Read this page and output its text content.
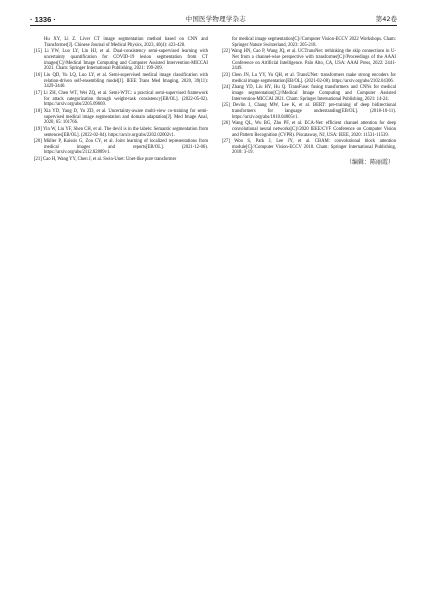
· 1336 ·	中国医学物理学杂志	第42卷

Hu XY, Li Z. Liver CT image segmentation method based on CNN and Transformer[J]. Chinese Journal of Medical Physics, 2023, 40(4): 423-428.

[15] Li YW, Luo LY, Lin HJ, et al. Dual-consistency semi-supervised learning with uncertainty quantification for COVID-19 lesion segmentation from CT images[C]//Medical Image Computing and Computer Assisted Intervention-MICCAI 2021. Cham: Springer International Publishing, 2021: 199-209.

[16] Liu QD, Yu LQ, Luo LY, et al. Semi-supervised medical image classification with relation-driven self-ensembling model[J]. IEEE Trans Med Imaging, 2020, 39(11): 3429-3440.

[17] Li ZH, Chen WT, Wei ZQ, et al. Semi-WTC: a practical semi-supervised framework for attack categorization through weight-task consistency[EB/OL]. (2022-05-02). https://arxiv.org/abs/2205.09669.

[18] Xia YD, Yang D, Yu ZD, et al. Uncertainty-aware multi-view co-training for semi-supervised medical image segmentation and domain adaptation[J]. Med Image Anal, 2020, 65: 101766.

[19] Yin W, Liu YF, Shen CH, et al. The devil is in the labels: Semantic segmentation from sentences[EB/OL]. (2022-02-04). https://arxiv.org/abs/2202.02002v1.

[20] Müller P, Kaissis G, Zou CY, et al. Joint learning of localized representations from medical images and reports[EB/OL]. (2021-12-06). https://arxiv.org/abs/2112.02889v1.

[21] Cao H, Wang YY, Chen J, et al. Swin-Unet: Unet-like pure transformer

for medical image segmentation[C]//Computer Vision-ECCV 2022 Workshops. Cham: Springer Nature Switzerland, 2023: 205-218.

[22] Wang HN, Cao P, Wang JQ, et al. UCTransNet: rethinking the skip connections in U-Net from a channel-wise perspective with transformer[C]//Proceedings of the AAAI Conference on Artificial Intelligence. Palo Alto, CA, USA: AAAI Press, 2022: 2441-2449.

[23] Chen JN, Lu YY, Yu QH, et al. TransUNet: transformers make strong encoders for medical image segmentation[EB/OL]. (2021-02-08). https://arxiv.org/abs/2102.04306.

[24] Zhang YD, Liu HY, Hu Q. TransFuse: fusing transformers and CNNs for medical image segmentation[C]//Medical Image Computing and Computer Assisted Intervention-MICCAI 2021. Cham: Springer International Publishing, 2021: 14-24.

[25] Devlin J, Chang MW, Lee K, et al. BERT: pre-training of deep bidirectional transformers for language understanding[EB/OL]. (2018-10-11). https://arxiv.org/abs/1810.04805v1.

[26] Wang QL, Wu BG, Zhu PF, et al. ECA-Net: efficient channel attention for deep convolutional neural networks[C]//2020 IEEE/CVF Conference on Computer Vision and Pattern Recognition (CVPR). Piscataway, NJ, USA: IEEE, 2020: 11531-11539.

[27] Woo S, Park J, Lee JY, et al. CBAM: convolutional block attention module[C]//Computer Vision-ECCV 2018. Cham: Springer International Publishing, 2018: 3-19.

（编辑：陈丽霞）
